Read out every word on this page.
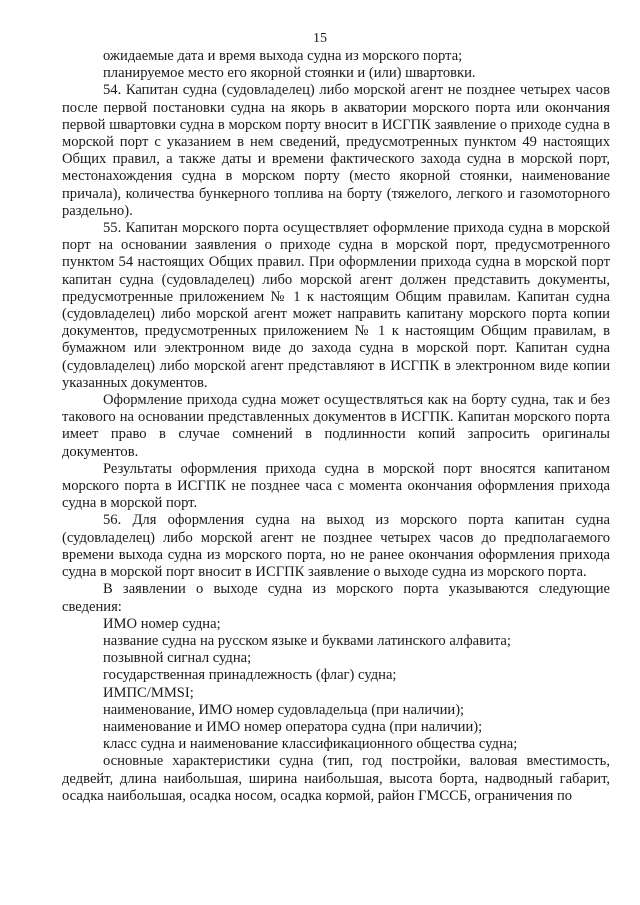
15

ожидаемые дата и время выхода судна из морского порта;

планируемое место его якорной стоянки и (или) швартовки.

54. Капитан судна (судовладелец) либо морской агент не позднее четырех часов после первой постановки судна на якорь в акватории морского порта или окончания первой швартовки судна в морском порту вносит в ИСГПК заявление о приходе судна в морской порт с указанием в нем сведений, предусмотренных пунктом 49 настоящих Общих правил, а также даты и времени фактического захода судна в морской порт, местонахождения судна в морском порту (место якорной стоянки, наименование причала), количества бункерного топлива на борту (тяжелого, легкого и газомоторного раздельно).

55. Капитан морского порта осуществляет оформление прихода судна в морской порт на основании заявления о приходе судна в морской порт, предусмотренного пунктом 54 настоящих Общих правил. При оформлении прихода судна в морской порт капитан судна (судовладелец) либо морской агент должен представить документы, предусмотренные приложением № 1 к настоящим Общим правилам. Капитан судна (судовладелец) либо морской агент может направить капитану морского порта копии документов, предусмотренных приложением № 1 к настоящим Общим правилам, в бумажном или электронном виде до захода судна в морской порт. Капитан судна (судовладелец) либо морской агент представляют в ИСГПК в электронном виде копии указанных документов.

Оформление прихода судна может осуществляться как на борту судна, так и без такового на основании представленных документов в ИСГПК. Капитан морского порта имеет право в случае сомнений в подлинности копий запросить оригиналы документов.

Результаты оформления прихода судна в морской порт вносятся капитаном морского порта в ИСГПК не позднее часа с момента окончания оформления прихода судна в морской порт.

56. Для оформления судна на выход из морского порта капитан судна (судовладелец) либо морской агент не позднее четырех часов до предполагаемого времени выхода судна из морского порта, но не ранее окончания оформления прихода судна в морской порт вносит в ИСГПК заявление о выходе судна из морского порта.

В заявлении о выходе судна из морского порта указываются следующие сведения:

ИМО номер судна;

название судна на русском языке и буквами латинского алфавита;

позывной сигнал судна;

государственная принадлежность (флаг) судна;

ИМПС/MMSI;

наименование, ИМО номер судовладельца (при наличии);

наименование и ИМО номер оператора судна (при наличии);

класс судна и наименование классификационного общества судна;

основные характеристики судна (тип, год постройки, валовая вместимость, дедвейт, длина наибольшая, ширина наибольшая, высота борта, надводный габарит, осадка наибольшая, осадка носом, осадка кормой, район ГМССБ, ограничения по
